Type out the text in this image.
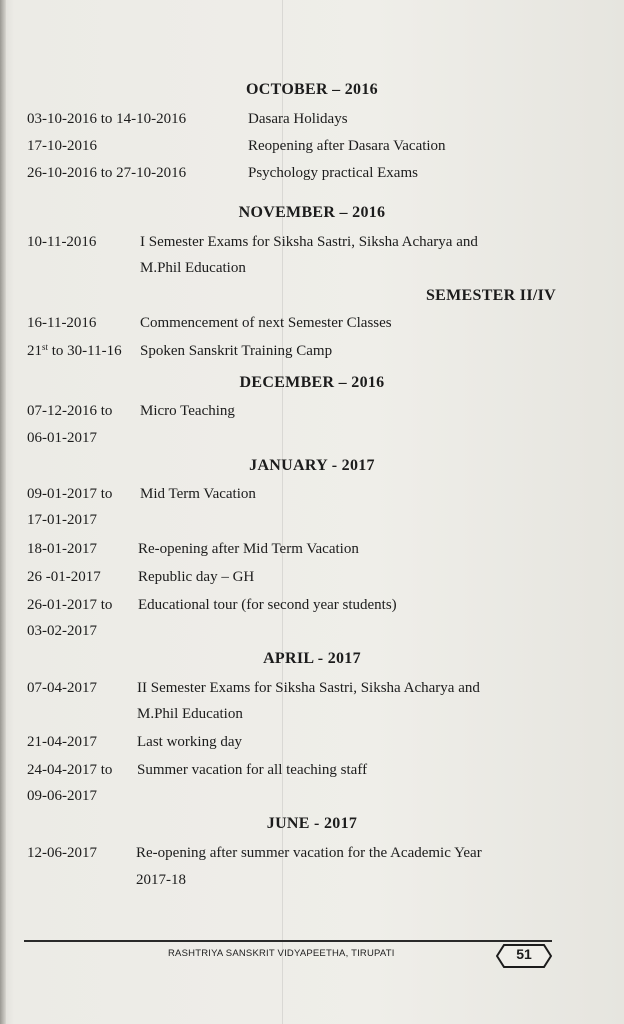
OCTOBER – 2016
03-10-2016 to 14-10-2016	Dasara Holidays
17-10-2016	Reopening after Dasara Vacation
26-10-2016 to 27-10-2016	Psychology practical Exams
NOVEMBER – 2016
10-11-2016	I Semester Exams for Siksha Sastri, Siksha Acharya and
M.Phil Education
SEMESTER II/IV
16-11-2016	Commencement of next Semester Classes
21st to 30-11-16 Spoken Sanskrit Training Camp
DECEMBER – 2016
07-12-2016 to Micro Teaching
06-01-2017
JANUARY - 2017
09-01-2017 to Mid Term Vacation
17-01-2017
18-01-2017	Re-opening after Mid Term Vacation
26 -01-2017 Republic day – GH
26-01-2017 to Educational tour (for second year students)
03-02-2017
APRIL - 2017
07-04-2017	II Semester Exams for Siksha Sastri, Siksha Acharya and
M.Phil Education
21-04-2017	Last working day
24-04-2017 to Summer vacation for all teaching staff
09-06-2017
JUNE - 2017
12-06-2017	Re-opening after summer vacation for the Academic Year
2017-18
RASHTRIYA SANSKRIT VIDYAPEETHA, TIRUPATI	51
